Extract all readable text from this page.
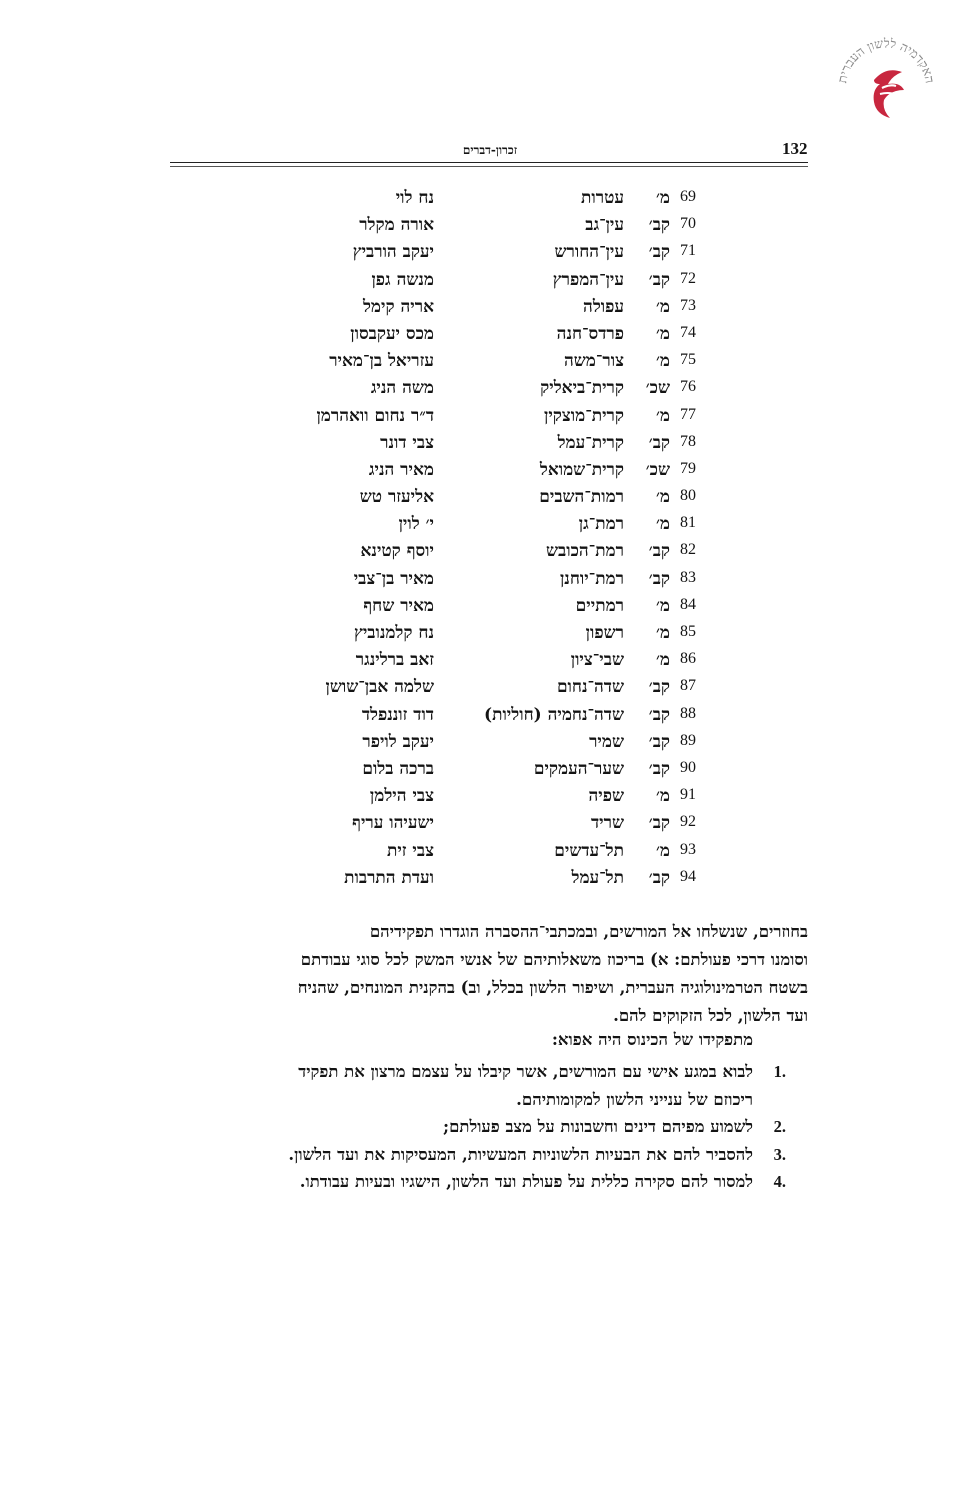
האקדמיה ללשון העברית
132
זכרון-דברים
69
מ׳
עטרות
נח לוי
70
קב׳
עין־גב
אורה מקלר
71
קב׳
עין־החורש
יעקב הורביץ
72
קב׳
עין־המפרץ
מנשה גפן
73
מ׳
עפולה
אריה קימל
74
מ׳
פרדס־חנה
מכס יעקבסון
75
מ׳
צור־משה
עזריאל בן־מאיר
76
שכ׳
קרית־ביאליק
משה הניג
77
מ׳
קרית־מוצקין
ד״ר נחום וואהרמן
78
קב׳
קרית־עמל
צבי דונר
79
שכ׳
קרית־שמואל
מאיר הניג
80
מ׳
רמות־השבים
אליעזר טש
81
מ׳
רמת־גן
י׳ לוין
82
קב׳
רמת־הכובש
יוסף קטינא
83
קב׳
רמת־יוחנן
מאיר בן־צבי
84
מ׳
רמתיים
מאיר שחף
85
מ׳
רשפון
נח קלמנוביץ
86
מ׳
שבי־ציון
זאב ברלינגר
87
קב׳
שדה־נחום
שלמה אבן־שושן
88
קב׳
שדה־נחמיה (חוליות)
דוד זוננפלד
89
קב׳
שמיר
יעקב לויפר
90
קב׳
שער־העמקים
ברכה בלום
91
מ׳
שפיה
צבי הילמן
92
קב׳
שריד
ישעיהו עריף
93
מ׳
תל־עדשים
צבי זית
94
קב׳
תל־עמל
ועדת התרבות
בחוזרים, שנשלחו אל המורשים, ובמכתבי־ההסברה הוגדרו תפקידיהם
וסומנו דרכי פעולתם: א) בריכוז משאלותיהם של אנשי המשק לכל סוגי עבודתם
בשטח הטרמינולוגיה העברית, ושיפור הלשון בכלל, וב) בהקנית המונחים, שהניח
ועד הלשון, לכל הזקוקים להם.
מתפקידו של הכינוס היה אפוא:
1.
לבוא במגע אישי עם המורשים, אשר קיבלו על עצמם מרצון את תפקיד
ריכוזם של ענייני הלשון למקומותיהם.
2.
לשמוע מפיהם דינים וחשבונות על מצב פעולתם;
3.
להסביר להם את הבעיות הלשוניות המעשיות, המעסיקות את ועד הלשון.
4.
למסור להם סקירה כללית על פעולת ועד הלשון, הישגיו ובעיות עבודתו.
